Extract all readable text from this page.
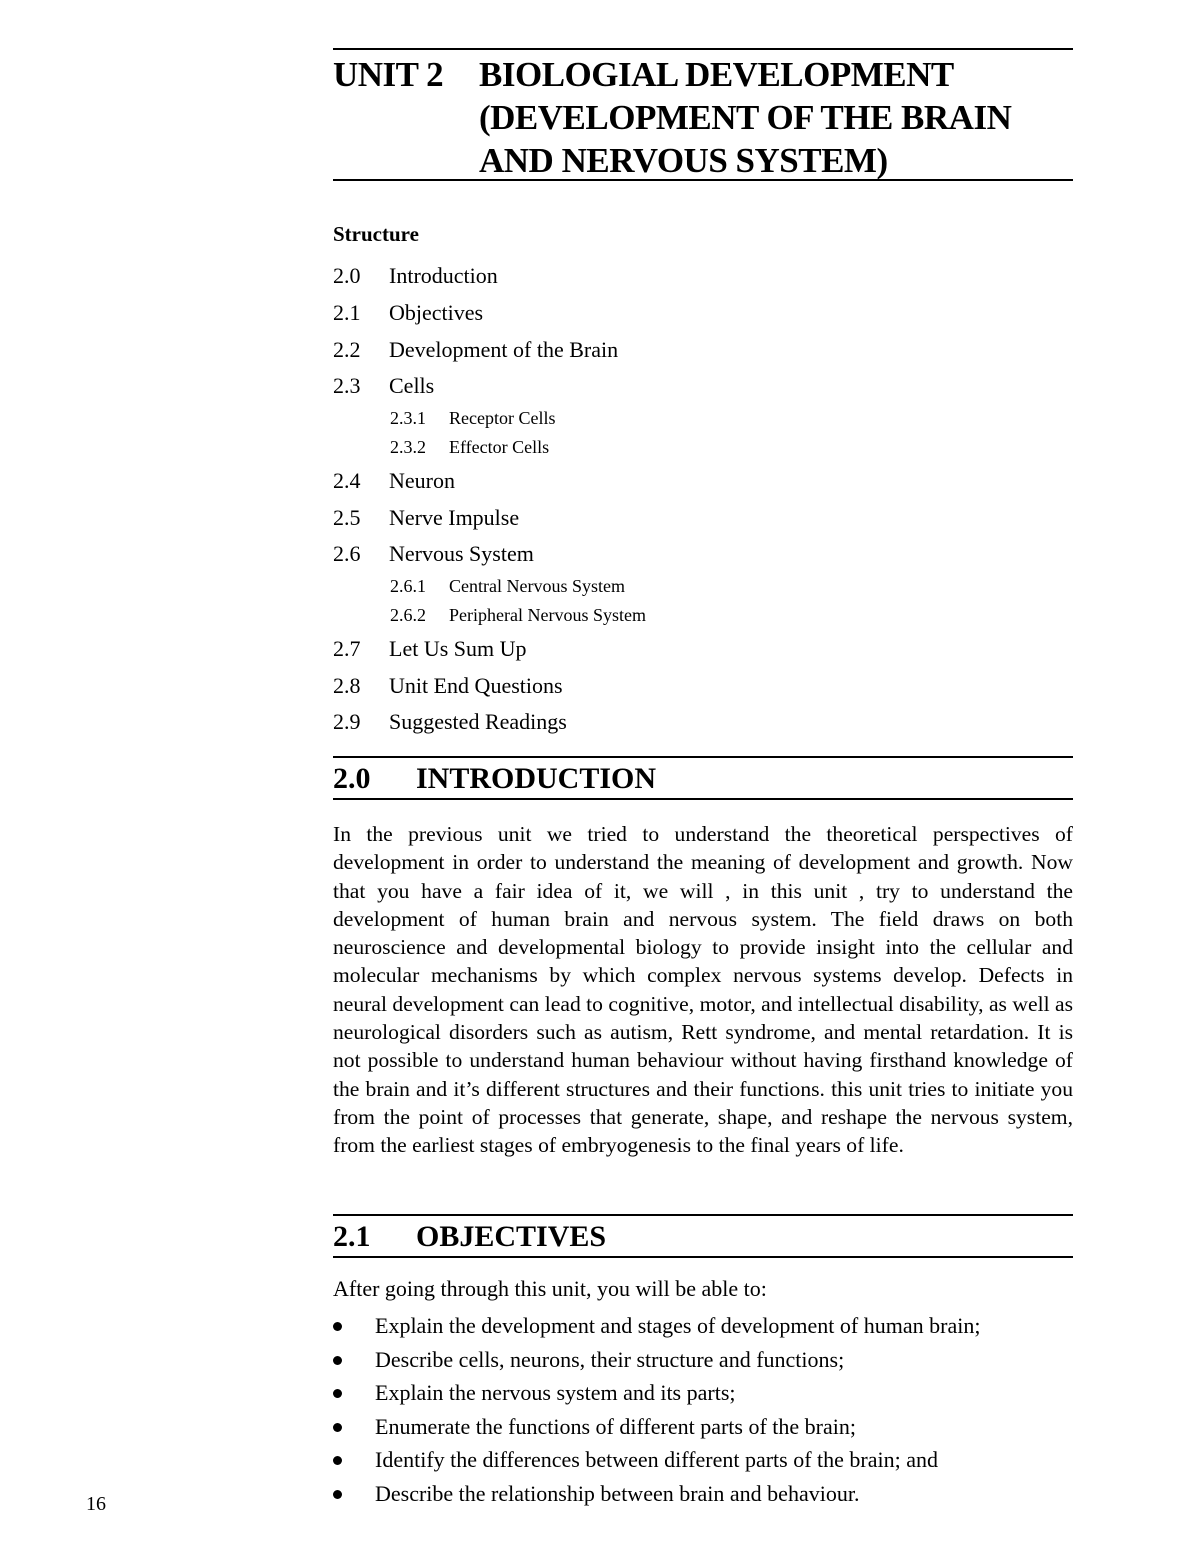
UNIT 2 BIOLOGIAL DEVELOPMENT
(DEVELOPMENT OF THE BRAIN
AND NERVOUS SYSTEM)
Structure
2.0 Introduction
2.1 Objectives
2.2 Development of the Brain
2.3 Cells
2.3.1 Receptor Cells
2.3.2 Effector Cells
2.4 Neuron
2.5 Nerve Impulse
2.6 Nervous System
2.6.1 Central Nervous System
2.6.2 Peripheral Nervous System
2.7 Let Us Sum Up
2.8 Unit End Questions
2.9 Suggested Readings
2.0 INTRODUCTION
In the previous unit we tried to understand the theoretical perspectives of development in order to understand the meaning of development and growth. Now that you have a fair idea of it, we will , in this unit , try to understand the development of human brain and nervous system. The field draws on both neuroscience and developmental biology to provide insight into the cellular and molecular mechanisms by which complex nervous systems develop. Defects in neural development can lead to cognitive, motor, and intellectual disability, as well as neurological disorders such as autism, Rett syndrome, and mental retardation. It is not possible to understand human behaviour without having firsthand knowledge of the brain and it’s different structures and their functions. this unit tries to initiate you from the point of processes that generate, shape, and reshape the nervous system, from the earliest stages of embryogenesis to the final years of life.
2.1 OBJECTIVES
After going through this unit, you will be able to:
Explain the development and stages of development of human brain;
Describe cells, neurons, their structure and functions;
Explain the nervous system and its parts;
Enumerate the functions of different parts of the brain;
Identify the differences between different parts of the brain; and
Describe the relationship between brain and behaviour.
16
